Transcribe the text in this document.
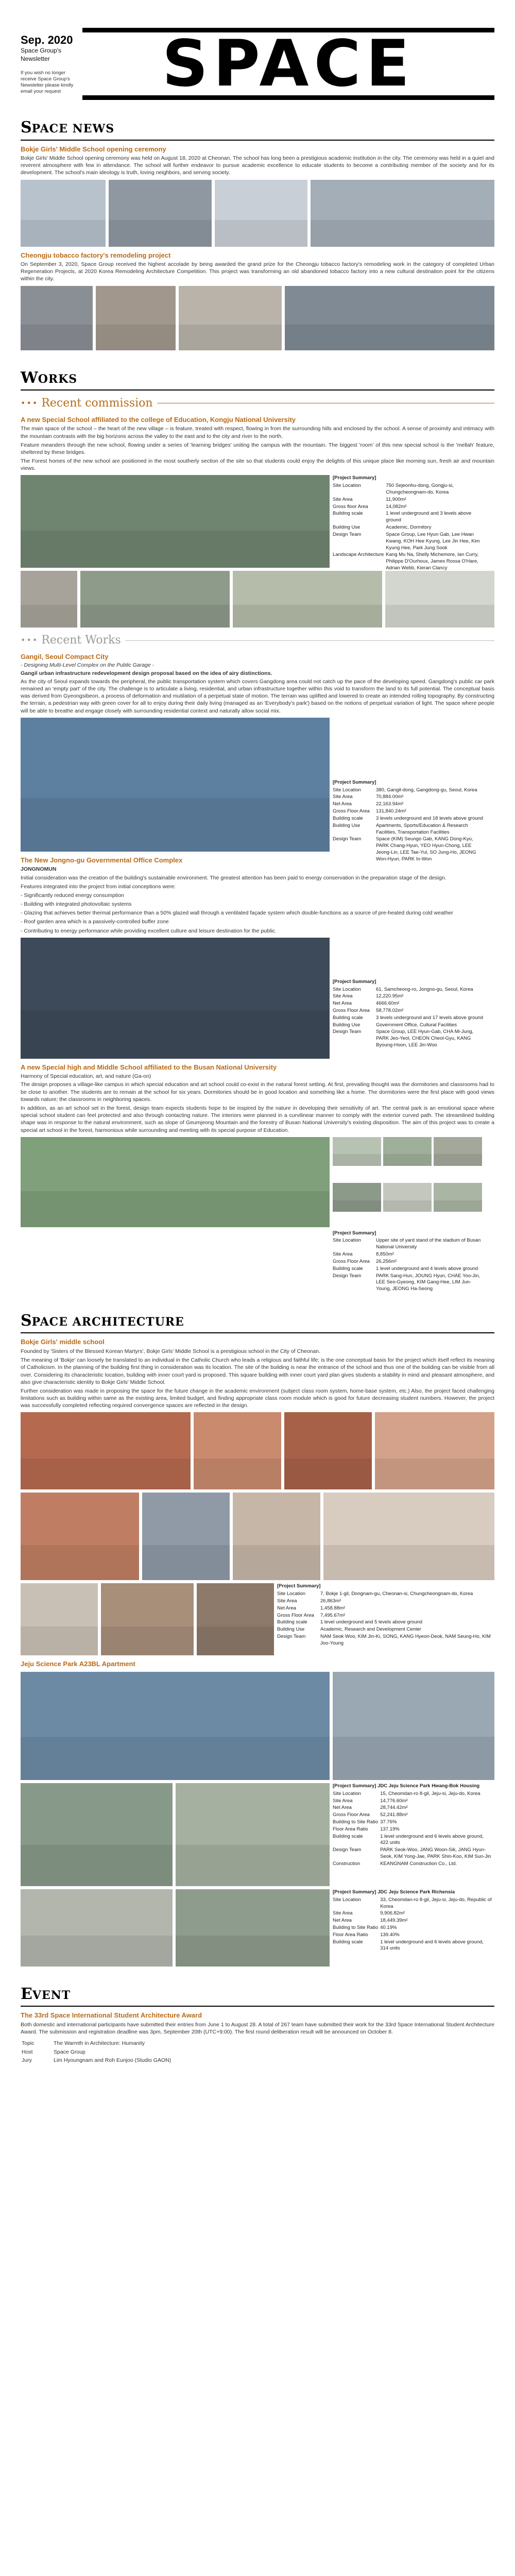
Sep. 2020
Space Group's Newsletter
If you wish no longer receive Space Group's Newsletter please kindly email your request	SPACE
SPACE NEWS
Bokje Girls' Middle School opening ceremony
Bokje Girls' Middle School opening ceremony was held on August 18, 2020 at Cheonan. The school has long been a prestigious academic institution in the city. The ceremony was held in a quiet and reverent atmosphere with few in attendance. The school will further endeavor to pursue academic excellence to educate students to become a contributing member of the society and for its development. The school's main ideology is truth, loving neighbors, and serving society.
Cheongju tobacco factory's remodeling project
On September 3, 2020, Space Group received the highest accolade by being awarded the grand prize for the Cheongju tobacco factory's remodeling work in the category of completed Urban Regeneration Projects, at 2020 Korea Remodeling Architecture Competition. This project was transforming an old abandoned tobacco factory into a new cultural destination point for the citizens within the city.
WORKS
••• Recent commission
A new Special School affiliated to the college of Education, Kongju National University

The main space of the school – the heart of the new village – is feature, treated with respect, flowing in from the surrounding hills and enclosed by the school. A sense of proximity and intimacy with the mountain contrasts with the big horizons across the valley to the east and to the city and river to the north.

Feature meanders through the new school, flowing under a series of 'learning bridges' uniting the campus with the mountain. The biggest 'room' of this new special school is the 'mellah' feature, sheltered by these bridges.

The Forest homes of the new school are positioned in the most southerly section of the site so that students could enjoy the delights of this unique place like morning sun, fresh air and mountain views.

[Project Summary]
Site Location	750 Sejeonhu-dong, Gongju-si, Chungcheongnam-do, Korea
Site Area	11,900m²
Gross floor Area	14,082m²
Building scale	1 level underground and 3 levels above ground
Building Use	Academic, Dormitory
Design Team	Space Group, Lee Hyun Gab, Lee Hwan Kwang, KOH Hee Kyung, Lee Jin Hee, Kim Kyung Hee, Park Jung Sook
Landscape Architecture	Kang Mu Na, Shelly Michemore, Ian Curry, Philippe D'Ourhoux, James Rossa O'Hare, Adrian Webb, Kieran Clancy
••• Recent Works
Gangil, Seoul Compact City
- Designing Multi-Level Complex on the Public Garage -
Gangil urban infrastructure redevelopment design proposal based on the idea of airy distinctions.

As the city of Seoul expands towards the peripheral, the public transportation system which covers Gangdong area could not catch up the pace of the developing speed. Gangdong's public car park remained an 'empty part' of the city. The challenge is to articulate a living, residential, and urban infrastructure together within this void to transform the land to its full potential. The conceptual basis was derived from Gyeongsibeon, a process of deformation and mutilation of a perpetual state of motion. The terrain was uplifted and lowered to create an intended rolling topography. By constructing the terrain, a pedestrian way with green cover for all to enjoy during their daily living (managed as an 'Everybody's park') based on the notions of perpetual variation of light. The space where people will be able to breathe and engage closely with surrounding residential context and naturally allow social mix.

[Project Summary]
Site Location	380, Gangil-dong, Gangdong-gu, Seoul, Korea
Site Area	70,884.00m²
Net Area	22,163.94m²
Gross Floor Area	131,840.24m²
Building scale	3 levels underground and 18 levels above ground
Building Use	Apartments, Sports/Education & Research Facilities, Transportation Facilities
Design Team	Space (KIM) Seungo Gab, KANG Dong-Kyu, PARK Chang-Hyun, YEO Hyun-Chong, LEE Jeong-Lin, LEE Tae-Yul, SO Jung-Ho, JEONG Won-Hyun, PARK In-Won
The New Jongno-gu Governmental Office Complex
JONGNOMUN

Initial consideration was the creation of the building's sustainable environment. The greatest attention has been paid to energy conservation in the preparation stage of the design.

Features integrated into the project from initial conceptions were:

- Significantly reduced energy consumption

- Building with integrated photovoltaic systems

- Glazing that achieves better thermal performance than a 50% glazed wall through a ventilated façade system which double-functions as a source of pre-heated during cold weather

- Roof garden area which is a passively-controlled buffer zone

- Contributing to energy performance while providing excellent culture and leisure destination for the public.

[Project Summary]
Site Location	61, Samcheong-ro, Jongno-gu, Seoul, Korea
Site Area	12,220.95m²
Net Area	4666.60m²
Gross Floor Area	58,778.02m²
Building scale	3 levels underground and 17 levels above ground
Building Use	Government Office, Cultural Facilities
Design Team	Space Group, LEE Hyun-Gab, CHA Mi-Jung, PARK Jeo-Yeol, CHEON Cheol-Gyu, KANG Byoung-Hoon, LEE Jin-Woo
A new Special high and Middle School affiliated to the Busan National University
Harmony of Special education, art, and nature (Ga-on)

The design proposes a village-like campus in which special education and art school could co-exist in the natural forest setting. At first, prevailing thought was the dormitories and classrooms had to be close to another. The students are to remain at the school for six years. Dormitories should be in good location and something like a home. The dormitories were the first place with good views towards nature; the classrooms in neighboring spaces.

In addition, as an art school set in the forest, design team expects students hope to be inspired by the nature in developing their sensitivity of art. The central park is an emotional space where special school student can feel protected and also through contacting nature. The interiors were planned in a curvilinear manner to comply with the exterior curved path. The streamlined building shape was in response to the natural environment, such as slope of Geumjeong Mountain and the forestry of Busan National University's existing disposition. The aim of this project was to create a special art school in the forest, harmonious while surrounding and meeting with its special purpose of Education.

[Project Summary]
Site Location	Upper site of yard stand of the stadium of Busan National University
Site Area	8,850m²
Gross Floor Area	26,256m²
Building scale	1 level underground and 4 levels above ground
Design Team	PARK Sang-Hun, JOUNG Hyun, CHAE Yoo-Jin, LEE Seo-Gyeong, KIM Gang-Hee, LIM Jun-Young, JEONG Ha-Seong
SPACE ARCHITECTURE
Bokje Girls' middle school

Founded by 'Sisters of the Blessed Korean Martyrs', Bokje Girls' Middle School is a prestigious school in the City of Cheonan.

The meaning of 'Bokje' can loosely be translated to an individual in the Catholic Church who leads a religious and faithful life; is the one conceptual basis for the project which itself reflect its meaning of Catholicism. In the planning of the building first thing in consideration was its location. The site of the building is near the entrance of the school and thus one of the building can be visible from all over. Considering its characteristic location, building with inner court yard is proposed. This square building with inner court yard plan gives students a stability in mind and pleasant atmosphere, and also give characteristic identity to Bokje Girls' Middle School.

Further consideration was made in proposing the space for the future change in the academic environment (subject class room system, home-base system, etc.) Also, the project faced challenging limitations such as building within same as the existing area, limited budget, and finding appropriate class room module which is good for future decreasing student numbers. However, the project was successfully completed reflecting required convergence spaces are reflected in the design.

[Project Summary]
Site Location	7, Bokje 1-gil, Dongnam-gu, Cheonan-si, Chungcheongnam-do, Korea
Site Area	26,863m²
Net Area	1,458.88m²
Gross Floor Area	7,495.67m²
Building scale	1 level underground and 5 levels above ground
Building Use	Academic, Research and Development Center
Design Team	NAM Seok Woo, KIM Jin-Ki, SONG, KANG Hyeon-Deok, NAM Seung-Ho, KIM Joo-Young
Jeju Science Park A23BL Apartment
[Project Summary] JDC Jeju Science Park Hwang-Bok Housing
Site Location	15, Cheomdan-ro 8-gil, Jeju-si, Jeju-do, Korea
Site Area	14,776.60m²
Net Area	28,744.42m²
Gross Floor Area	52,241.88m²
Building to Site Ratio	37.76%
Floor Area Ratio	137.19%
Building scale	1 level underground and 6 levels above ground, 422 units
Design Team	PARK Seok-Woo, JANG Woon-Sik, JANG Hyun-Seok, KIM Yong-Jae, PARK Shin-Koo, KIM Sun-Jin
Construction	KEANGNAM Construction Co., Ltd.
[Project Summary] JDC Jeju Science Park Richensia
Site Location	33, Cheomdan-ro 8-gil, Jeju-si, Jeju-do, Republic of Korea
Site Area	9,906.82m²
Net Area	18,449.39m²
Building to Site Ratio	40.19%
Floor Area Ratio	139.40%
Building scale	1 level underground and 6 levels above ground, 314 units
EVENT
The 33rd Space International Student Architecture Award
Both domestic and international participants have submitted their entries from June 1 to August 28. A total of 267 team have submitted their work for the 33rd Space International Student Architecture Award. The submission and registration deadline was 3pm, September 20th (UTC+9:00). The first round deliberation result will be announced on October 8.
Topic	The Warmth in Architecture: Humanity
Host	Space Group
Jury	Lim Hyoungnam and Roh Eunjoo (Studio GAON)
